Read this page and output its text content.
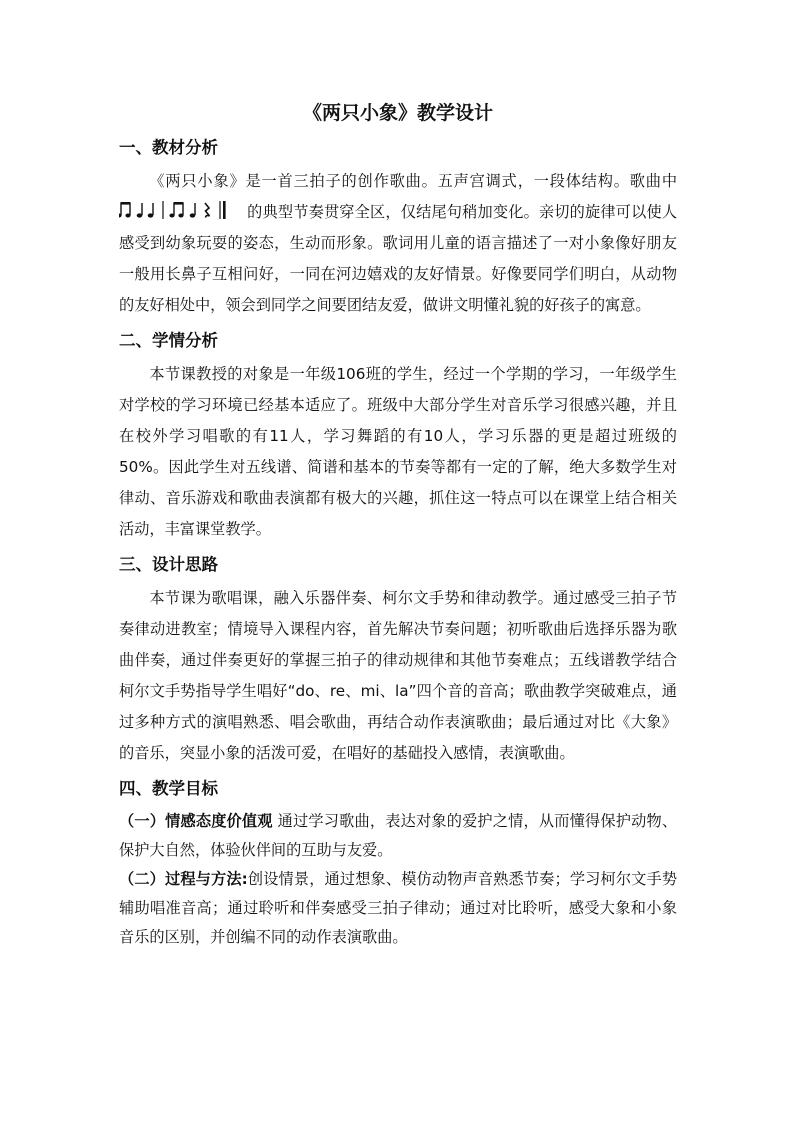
《两只小象》教学设计
一、教材分析

《两只小象》是一首三拍子的创作歌曲。五声宫调式，一段体结构。歌曲中
的典型节奏贯穿全区，仅结尾句稍加变化。亲切的旋律可以使人感受到幼象玩耍的姿态，生动而形象。歌词用儿童的语言描述了一对小象像好朋友一般用长鼻子互相问好，一同在河边嬉戏的友好情景。好像要同学们明白，从动物的友好相处中，领会到同学之间要团结友爱，做讲文明懂礼貌的好孩子的寓意。

二、学情分析

本节课教授的对象是一年级106班的学生，经过一个学期的学习，一年级学生对学校的学习环境已经基本适应了。班级中大部分学生对音乐学习很感兴趣，并且在校外学习唱歌的有11人，学习舞蹈的有10人，学习乐器的更是超过班级的50%。因此学生对五线谱、简谱和基本的节奏等都有一定的了解，绝大多数学生对律动、音乐游戏和歌曲表演都有极大的兴趣，抓住这一特点可以在课堂上结合相关活动，丰富课堂教学。

三、设计思路

本节课为歌唱课，融入乐器伴奏、柯尔文手势和律动教学。通过感受三拍子节奏律动进教室；情境导入课程内容，首先解决节奏问题；初听歌曲后选择乐器为歌曲伴奏，通过伴奏更好的掌握三拍子的律动规律和其他节奏难点；五线谱教学结合柯尔文手势指导学生唱好“do、re、mi、la”四个音的音高；歌曲教学突破难点，通过多种方式的演唱熟悉、唱会歌曲，再结合动作表演歌曲；最后通过对比《大象》的音乐，突显小象的活泼可爱，在唱好的基础投入感情，表演歌曲。

四、教学目标

（一）情感态度价值观 通过学习歌曲，表达对象的爱护之情，从而懂得保护动物、保护大自然，体验伙伴间的互助与友爱。

（二）过程与方法:创设情景，通过想象、模仿动物声音熟悉节奏；学习柯尔文手势辅助唱准音高；通过聆听和伴奏感受三拍子律动；通过对比聆听，感受大象和小象音乐的区别，并创编不同的动作表演歌曲。
